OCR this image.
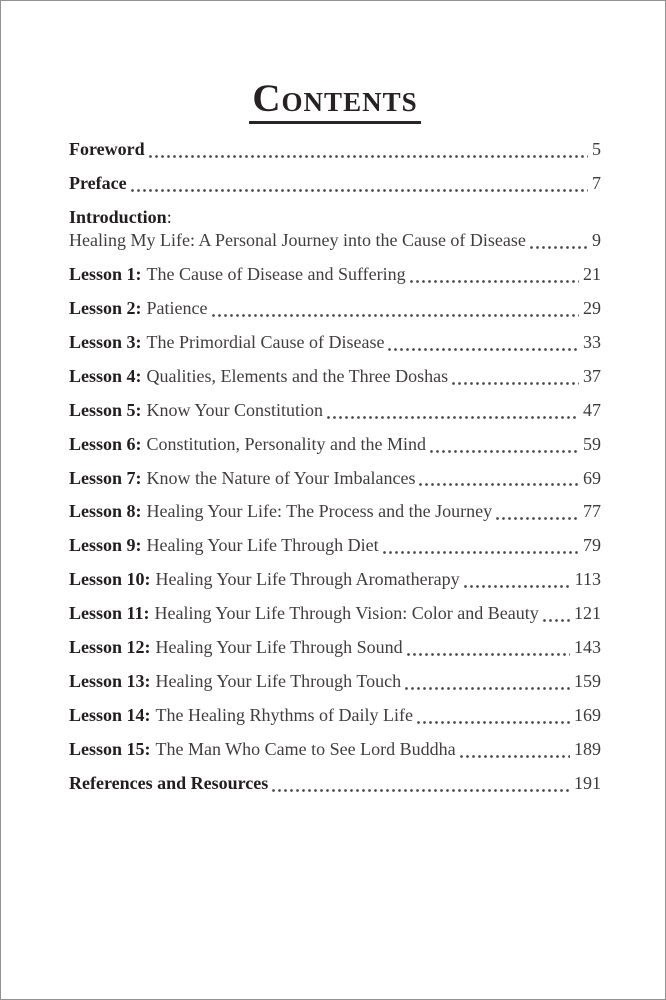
Contents
Foreword	5
Preface	7
Introduction :
Healing My Life: A Personal Journey into the Cause of Disease	9
Lesson 1: The Cause of Disease and Suffering	21
Lesson 2: Patience	29
Lesson 3: The Primordial Cause of Disease	33
Lesson 4: Qualities, Elements and the Three Doshas	37
Lesson 5: Know Your Constitution	47
Lesson 6: Constitution, Personality and the Mind	59
Lesson 7: Know the Nature of Your Imbalances	69
Lesson 8: Healing Your Life: The Process and the Journey	77
Lesson 9: Healing Your Life Through Diet	79
Lesson 10: Healing Your Life Through Aromatherapy	113
Lesson 11: Healing Your Life Through Vision: Color and Beauty 121
Lesson 12: Healing Your Life Through Sound	143
Lesson 13: Healing Your Life Through Touch	159
Lesson 14: The Healing Rhythms of Daily Life	169
Lesson 15: The Man Who Came to See Lord Buddha	189
References and Resources	191
